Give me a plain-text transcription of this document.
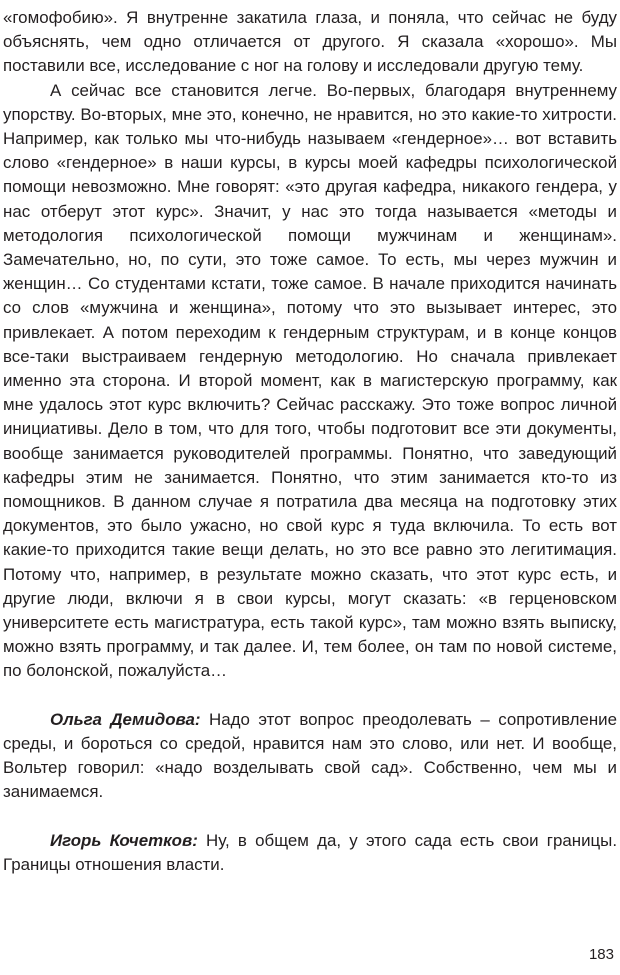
«гомофобию». Я внутренне закатила глаза, и поняла, что сейчас не буду объяснять, чем одно отличается от другого. Я сказала «хорошо». Мы поставили все, исследование с ног на голову и исследовали другую тему.

А сейчас все становится легче. Во-первых, благодаря внутреннему упорству. Во-вторых, мне это, конечно, не нравится, но это какие-то хитрости. Например, как только мы что-нибудь называем «гендерное»… вот вставить слово «гендерное» в наши курсы, в курсы моей кафедры психологической помощи невозможно. Мне говорят: «это другая кафедра, никакого гендера, у нас отберут этот курс». Значит, у нас это тогда называется «методы и методология психологической помощи мужчинам и женщинам». Замечательно, но, по сути, это тоже самое. То есть, мы через мужчин и женщин… Со студентами кстати, тоже самое. В начале приходится начинать со слов «мужчина и женщина», потому что это вызывает интерес, это привлекает. А потом переходим к гендерным структурам, и в конце концов все-таки выстраиваем гендерную методологию. Но сначала привлекает именно эта сторона. И второй момент, как в магистерскую программу, как мне удалось этот курс включить? Сейчас расскажу. Это тоже вопрос личной инициативы. Дело в том, что для того, чтобы подготовит все эти документы, вообще занимается руководителей программы. Понятно, что заведующий кафедры этим не занимается. Понятно, что этим занимается кто-то из помощников. В данном случае я потратила два месяца на подготовку этих документов, это было ужасно, но свой курс я туда включила. То есть вот какие-то приходится такие вещи делать, но это все равно это легитимация. Потому что, например, в результате можно сказать, что этот курс есть, и другие люди, включи я в свои курсы, могут сказать: «в герценовском университете есть магистратура, есть такой курс», там можно взять выписку, можно взять программу, и так далее. И, тем более, он там по новой системе, по болонской, пожалуйста…

Ольга Демидова: Надо этот вопрос преодолевать – сопротивление среды, и бороться со средой, нравится нам это слово, или нет. И вообще, Вольтер говорил: «надо возделывать свой сад». Собственно, чем мы и занимаемся.

Игорь Кочетков: Ну, в общем да, у этого сада есть свои границы. Границы отношения власти.

183
